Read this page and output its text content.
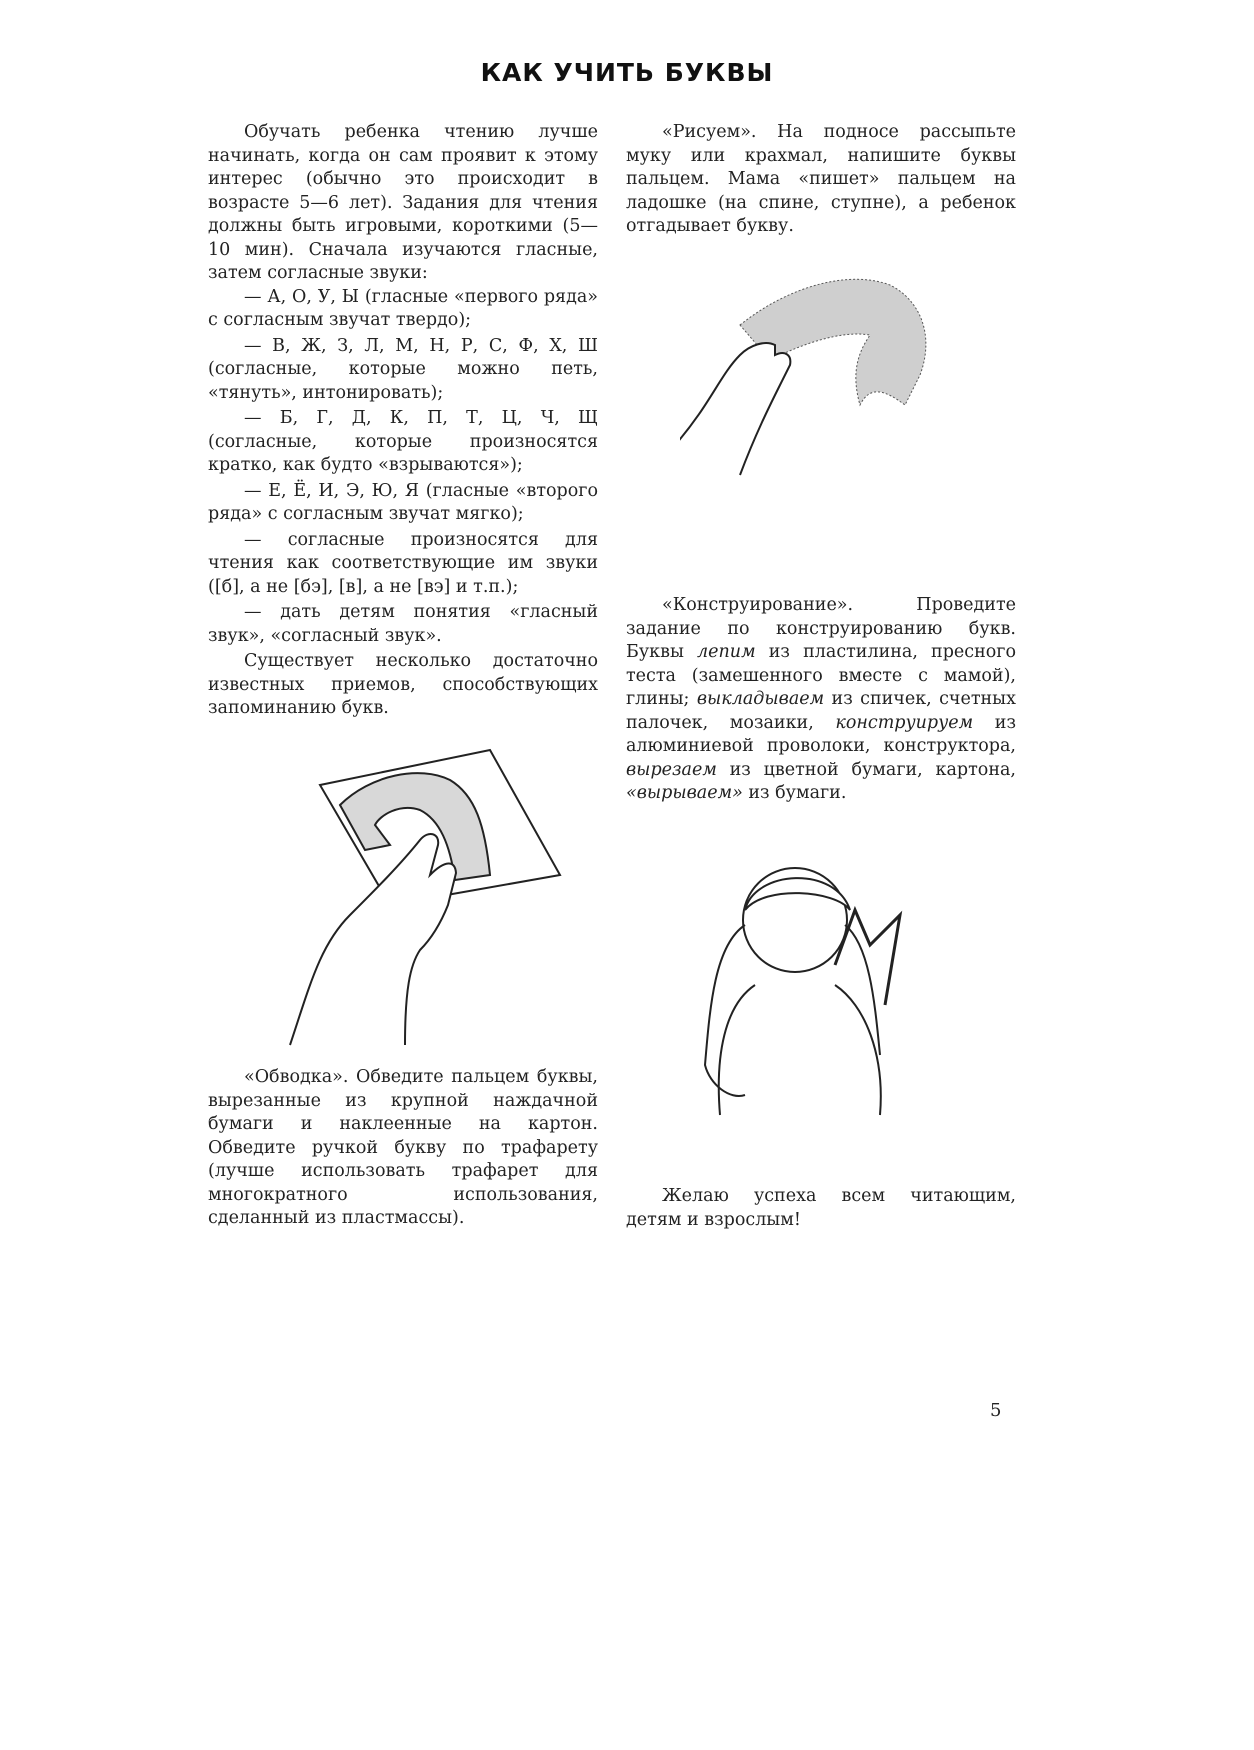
КАК УЧИТЬ БУКВЫ

Обучать ребенка чтению лучше начинать, когда он сам проявит к этому интерес (обычно это происходит в возрасте 5—6 лет). Задания для чтения должны быть игровыми, короткими (5—10 мин). Сначала изучаются гласные, затем согласные звуки:

— А, О, У, Ы (гласные «первого ряда» с согласным звучат твердо);
— В, Ж, З, Л, М, Н, Р, С, Ф, Х, Ш (согласные, которые можно петь, «тянуть», интонировать);
— Б, Г, Д, К, П, Т, Ц, Ч, Щ (согласные, которые произносятся кратко, как будто «взрываются»);
— Е, Ё, И, Э, Ю, Я (гласные «второго ряда» с согласным звучат мягко);
— согласные произносятся для чтения как соответствующие им звуки ([б], а не [бэ], [в], а не [вэ] и т.п.);
— дать детям понятия «гласный звук», «согласный звук».

Существует несколько достаточно известных приемов, способствующих запоминанию букв.

«Обводка». Обведите пальцем буквы, вырезанные из крупной наждачной бумаги и наклеенные на картон. Обведите ручкой букву по трафарету (лучше использовать трафарет для многократного использования, сделанный из пластмассы).

«Рисуем». На подносе рассыпьте муку или крахмал, напишите буквы пальцем. Мама «пишет» пальцем на ладошке (на спине, ступне), а ребенок отгадывает букву.

«Конструирование». Проведите задание по конструированию букв. Буквы лепим из пластилина, пресного теста (замешенного вместе с мамой), глины; выкладываем из спичек, счетных палочек, мозаики, конструируем из алюминиевой проволоки, конструктора, вырезаем из цветной бумаги, картона, «вырываем» из бумаги.

Желаю успеха всем читающим, детям и взрослым!

5
